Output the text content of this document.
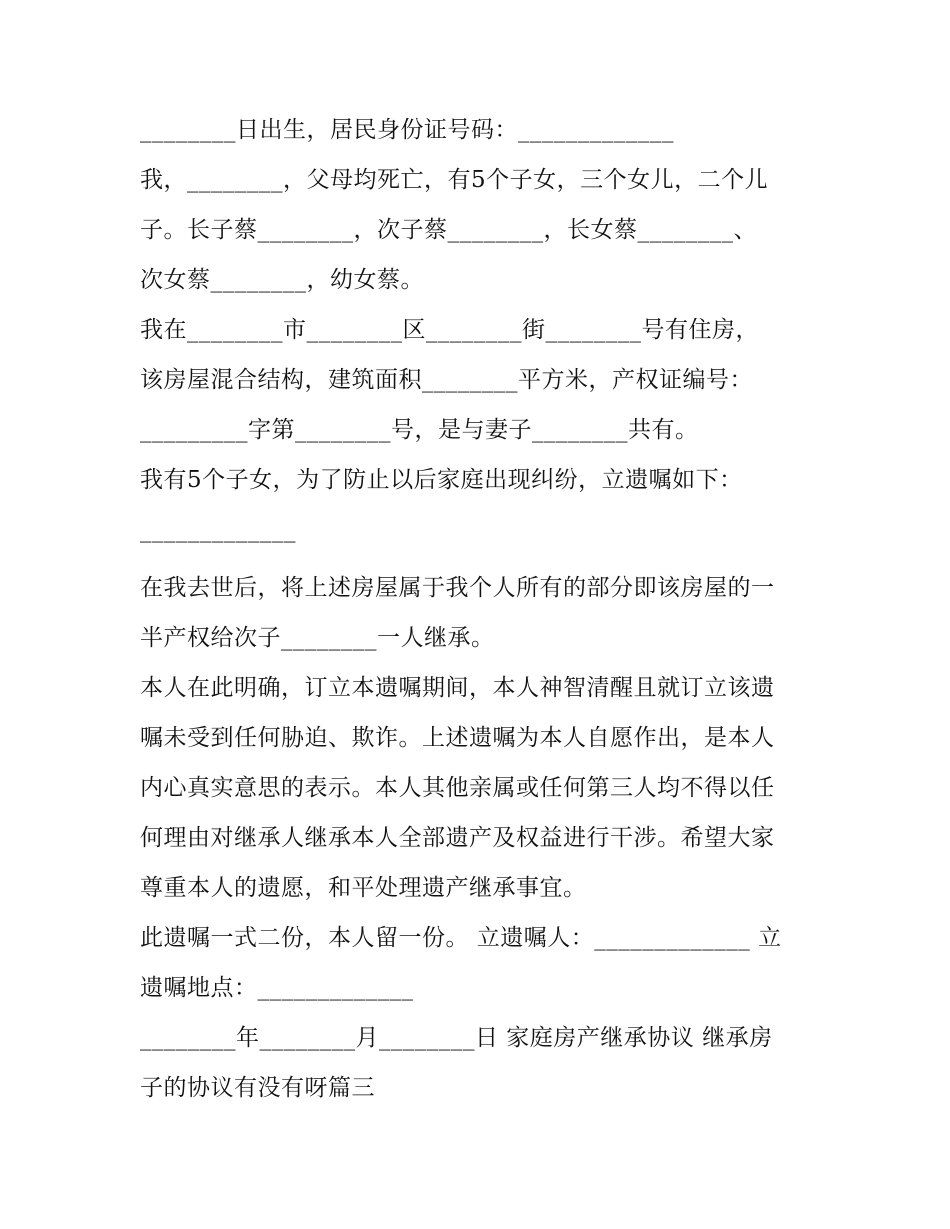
________日出生，居民身份证号码：_____________
我，________，父母均死亡，有5个子女，三个女儿，二个儿
子。长子蔡________，次子蔡________，长女蔡________、
次女蔡________，幼女蔡。
我在________市________区________街________号有住房，
该房屋混合结构，建筑面积________平方米，产权证编号：
_________字第________号，是与妻子________共有。
我有5个子女，为了防止以后家庭出现纠纷，立遗嘱如下：
_____________
在我去世后，将上述房屋属于我个人所有的部分即该房屋的一
半产权给次子________一人继承。
本人在此明确，订立本遗嘱期间，本人神智清醒且就订立该遗
嘱未受到任何胁迫、欺诈。上述遗嘱为本人自愿作出，是本人
内心真实意思的表示。本人其他亲属或任何第三人均不得以任
何理由对继承人继承本人全部遗产及权益进行干涉。希望大家
尊重本人的遗愿，和平处理遗产继承事宜。
此遗嘱一式二份，本人留一份。 立遗嘱人：_____________ 立
遗嘱地点：_____________
________年________月________日 家庭房产继承协议 继承房
子的协议有没有呀篇三
